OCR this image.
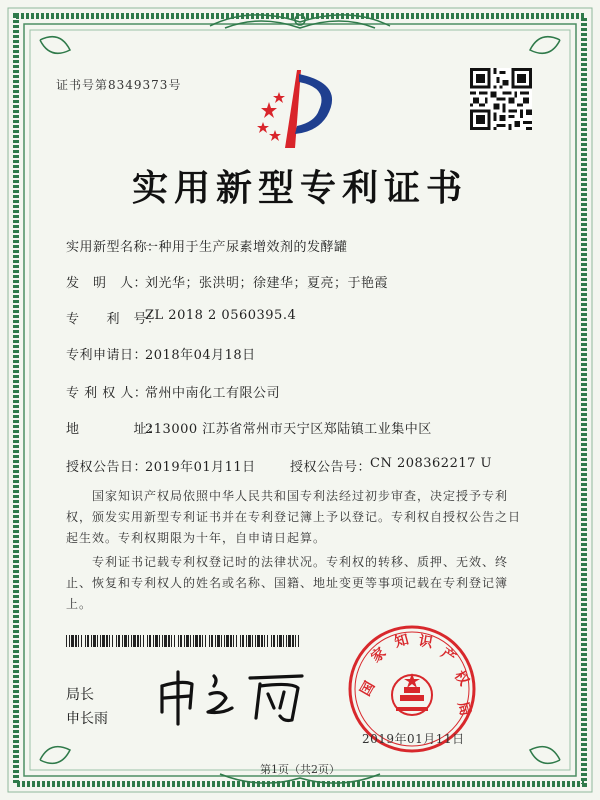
证书号第8349373号
实用新型专利证书
实用新型名称：
一种用于生产尿素增效剂的发酵罐
发　明　人：
刘光华；张洪明；徐建华；夏亮；于艳霞
专　　利　号：
ZL 2018 2 0560395.4
专利申请日：
2018年04月18日
专 利 权 人：
常州中南化工有限公司
地　　　　址：
213000 江苏省常州市天宁区郑陆镇工业集中区
授权公告日：
2019年01月11日	授权公告号：
CN 208362217 U
国家知识产权局依照中华人民共和国专利法经过初步审查，决定授予专利权，颁发实用新型专利证书并在专利登记簿上予以登记。专利权自授权公告之日起生效。专利权期限为十年，自申请日起算。
专利证书记载专利权登记时的法律状况。专利权的转移、质押、无效、终止、恢复和专利权人的姓名或名称、国籍、地址变更等事项记载在专利登记簿上。
局长
申长雨
国
家
知 识
产
权
局
2019年01月11日
第1页（共2页）
